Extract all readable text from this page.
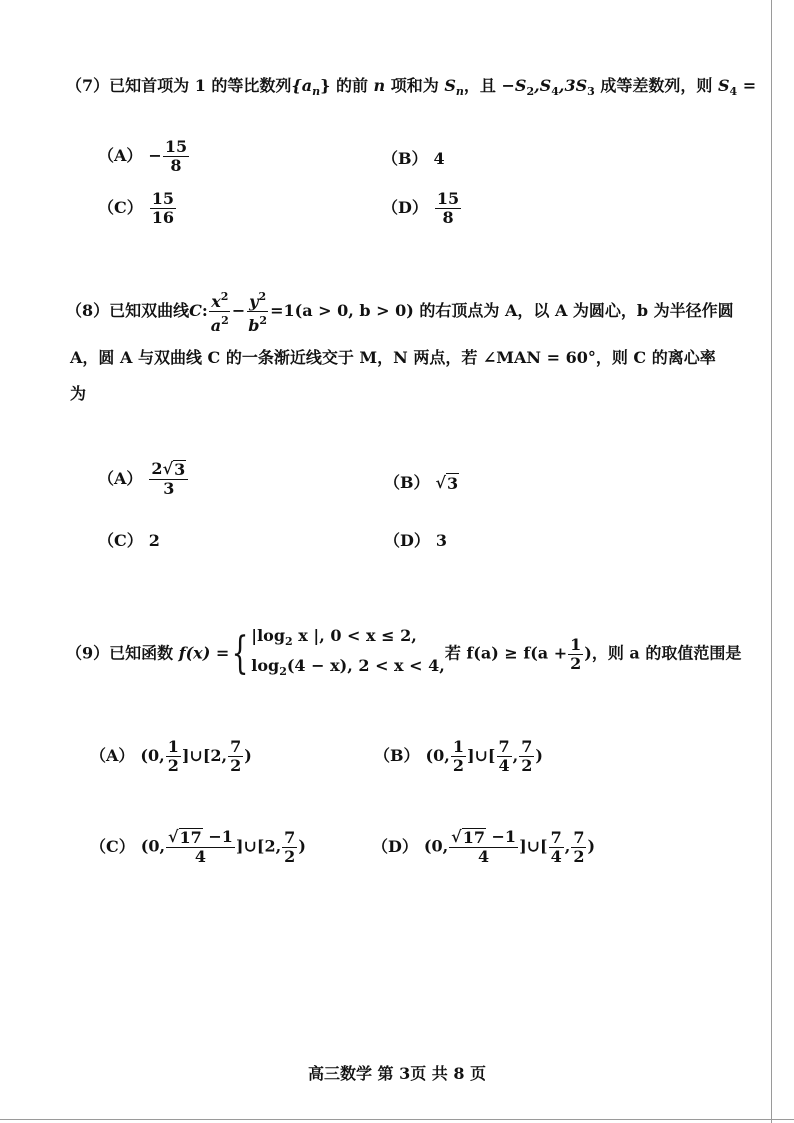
（7）已知首项为 1 的等比数列$\{a_n\}$ 的前 n 项和为 $S_n$，且 $-S_2,S_4,3S_3$ 成等差数列，则 $S_4$ =
$(A) - \frac{15}{8}$	（B） 4
$(C) \frac{15}{16}$	$(D) \frac{15}{8}$
（8）已知双曲线C: $\frac{x^2}{a^2} - \frac{y^2}{b^2} =1(a > 0$, b > 0) 的右顶点为 A，以 A 为圆心，b 为半径作圆
A，圆 A 与双曲线 C 的一条渐近线交于 M，N 两点，若 ∠MAN = 60°，则 C 的离心率
为
$(A) \frac{2 √ 3}{3}$	（B） √ 3
（C） 2	（D） 3
（9）已知函数 f(x) ={ $|\log_2$ x |, 0 < x ≤ 2,
$\log_2(4 - x)$, 2 < x < 4,
若 $f(a) \ge f(a + \frac{1}{2}$ )，则 a 的取值范围是
（A） (0, $\frac{1}{2}$ ]∪[2, $\frac{7}{2}$ )	（B） (0, $\frac{1}{2}$ ]∪[ $\frac{7}{4}$ , $\frac{7}{2}$ )
（C） (0, $\frac{√ 17 -1}{4}$ ]∪[2, $\frac{7}{2}$ )	（D） (0, $\frac{√ 17 -1}{4}$ ]∪[ $\frac{7}{4}$ , $\frac{7}{2}$ )
高三数学 第 3页 共 8 页
